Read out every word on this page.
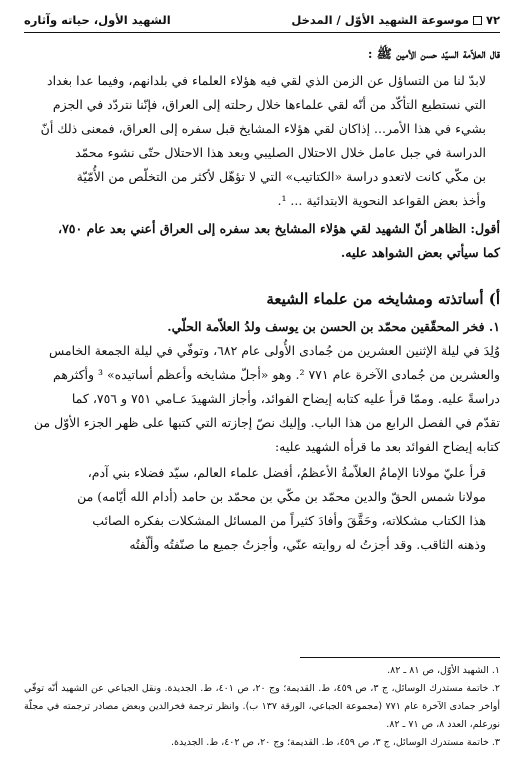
٧٢
موسوعة الشهيد الأوّل / المدخل
الشهيد الأول، حياته وآثاره

قال العلاّمة السيّد حسن الأمين ﷺ :

لابدّ لنا من التساؤل عن الزمن الذي لقي فيه هؤلاء العلماء في بلدانهم، وفيما عدا بغداد

التي نستطيع التأكّد من أنّه لقي علماءها خلال رحلته إلى العراق، فإنّنا نتردّد في الجزم

بشيء في هذا الأمر... إذاكان لقي هؤلاء المشايخ قبل سفره إلى العراق، فمعنى ذلك أنّ

الدراسة في جبل عامل خلال الاحتلال الصليبي وبعد هذا الاحتلال حتّى نشوء محمّد

بن مكّي كانت لاتعدو دراسة «الكتاتيب» التي لا تؤهّل لأكثر من التخلّص من الأُمّيّة

وأخذ بعض القواعد النحوية الابتدائية ... ¹.

أقول: الظاهر أنّ الشهيد لقي هؤلاء المشايخ بعد سفره إلى العراق أعني بعد عام ٧٥٠،

كما سيأتي بعض الشواهد عليه.

أ) أساتذته ومشايخه من علماء الشيعة

١. فخر المحقّقين محمّد بن الحسن بن يوسف ولدُ العلاّمة الحلّي.

وُلِدَ في ليلة الإثنين العشرين من جُمادى الأُولى عام ٦٨٢، وتوفّي في ليلة الجمعة الخامس

والعشرين من جُمادى الآخرة عام ٧٧١ ². وهو «أجلّ مشايخه وأعظم أساتيده» ³ وأكثرهم

دراسةً عليه. وممّا قرأ عليه كتابه إيضاح الفوائد، وأجاز الشهيدَ عـامي ٧٥١ و ٧٥٦، كما

تقدّم في الفصل الرابع من هذا الباب. وإليك نصّ إجازته التي كتبها على ظهر الجزء الأوّل من

كتابه إيضاح الفوائد بعد ما قرأه الشهيد عليه:

قرأ عليّ مولانا الإمامُ العلاّمةُ الأعظمُ، أفضل علماء العالم، سيّد فضلاء بني آدم،

مولانا شمس الحقّ والدين محمّد بن مكّي بن محمّد بن حامد (أدام الله أيّامه) من

هذا الكتاب مشكلاته، وحَقَّقَ وأفادَ كثيراً من المسائل المشكلات بفكره الصائب

وذهنه الثاقب. وقد أجزتُ له روايته عنّي، وأجزتُ جميع ما صنّفتُه وألّفتُه

١. الشهيد الأوّل، ص ٨١ ـ ٨٢.

٢. خاتمة مستدرك الوسائل، ج ٣، ص ٤٥٩، ط. القديمة؛ وج ٢٠، ص ٤٠١، ط. الجديدة. ونقل الجباعي عن الشهيد أنّه توفّي أواخر جمادى الآخرة عام ٧٧١ (مجموعة الجباعي، الورقة ١٣٧ ب). وانظر ترجمة فخرالدين وبعض مصادر ترجمته في مجلّة نورعلم، العدد ٨، ص ٧١ ـ ٨٢.

٣. خاتمة مستدرك الوسائل، ج ٣، ص ٤٥٩، ط. القديمة؛ وج ٢٠، ص ٤٠٢، ط. الجديدة.
